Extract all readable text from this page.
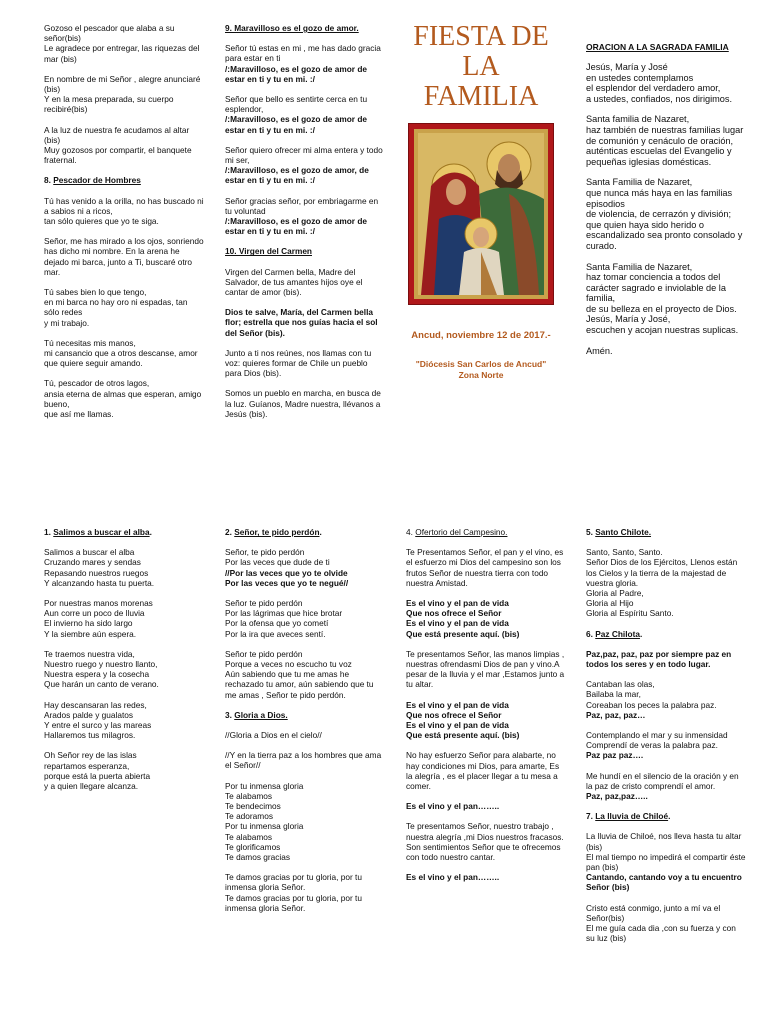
Gozoso el pescador que alaba a su señor(bis)
Le agradece por entregar, las riquezas del mar (bis)
En nombre de mi Señor , alegre anunciaré (bis)
Y en la mesa preparada, su cuerpo recibiré(bis)
A la luz de nuestra fe acudamos al altar (bis)
Muy gozosos por compartir, el banquete fraternal.
8. Pescador de Hombres
Tú has venido a la orilla, no has buscado ni a sabios ni a ricos,
tan sólo quieres que yo te siga.
Señor, me has mirado a los ojos, sonriendo has dicho mi nombre. En la arena he dejado mi barca, junto a Ti, buscaré otro mar.
Tú sabes bien lo que tengo,
en mi barca no hay oro ni espadas, tan sólo redes
y mi trabajo.
Tú necesitas mis manos,
mi cansancio que a otros descanse, amor que quiere seguir amando.
Tú, pescador de otros lagos,
ansia eterna de almas que esperan, amigo bueno,
que así me llamas.
9. Maravilloso es el gozo de amor.
Señor tú estas en mi , me has dado gracia para estar en ti
/:Maravilloso, es el gozo de amor de estar en ti y tu en mi. :/
Señor que bello es sentirte cerca en tu esplendor,
/:Maravilloso, es el gozo de amor de estar en ti y tu en mi. :/
Señor quiero ofrecer mi alma entera y todo mi ser,
/:Maravilloso, es el gozo de amor, de estar en ti y tu en mi. :/
Señor gracias señor, por embriagarme en tu voluntad
/:Maravilloso, es el gozo de amor de estar en ti y tu en mi. :/
10. Virgen del Carmen
Virgen del Carmen bella, Madre del Salvador, de tus amantes hijos oye el cantar de amor (bis).
Dios te salve, María, del Carmen bella flor; estrella que nos guías hacia el sol del Señor (bis).
Junto a ti nos reúnes, nos llamas con tu voz: quieres formar de Chile un pueblo para Dios (bis).
Somos un pueblo en marcha, en busca de la luz. Guíanos, Madre nuestra, llévanos a Jesús (bis).
FIESTA DE
LA
FAMILIA
Ancud, noviembre 12 de 2017.-
"Diócesis San Carlos de Ancud"
Zona Norte
ORACION A LA SAGRADA FAMILIA
Jesús, María y José
en ustedes contemplamos
el esplendor del verdadero amor,
a ustedes, confiados, nos dirigimos.
Santa familia de Nazaret,
haz también de nuestras familias lugar de comunión y cenáculo de oración,
auténticas escuelas del Evangelio y pequeñas iglesias domésticas.
Santa Familia de Nazaret,
que nunca más haya en las familias episodios
de violencia, de cerrazón y división;
que quien haya sido herido o escandalizado sea pronto consolado y curado.
Santa Familia de Nazaret,
haz tomar conciencia a todos del carácter sagrado e inviolable de la familia,
de su belleza en el proyecto de Dios.
Jesús, María y José,
escuchen y acojan nuestras suplicas.
Amén.
1. Salimos a buscar el alba.
Salimos a buscar el alba
Cruzando mares y sendas
Repasando nuestros ruegos
Y alcanzando hasta tu puerta.
Por nuestras manos morenas
Aun corre un poco de lluvia
El invierno ha sido largo
Y la siembre aún espera.
Te traemos nuestra vida,
Nuestro ruego y nuestro llanto,
Nuestra espera y la cosecha
Que harán un canto de verano.
Hay descansaran las redes,
Arados palde y gualatos
Y entre el surco y las mareas
Hallaremos tus milagros.
Oh Señor rey de las islas
repartamos esperanza,
porque está la puerta abierta
y a quien llegare alcanza.
2. Señor, te pido perdón.
Señor, te pido perdón
Por las veces que dude de ti
//Por las veces que yo te olvide
Por las veces que yo te negué//
Señor te pido perdón
Por las lágrimas que hice brotar
Por la ofensa que yo cometí
Por la ira que aveces sentí.
Señor te pido perdón
Porque a veces no escucho tu voz
Aún sabiendo que tu me amas he rechazado tu amor, aún sabiendo que tu me amas , Señor te pido perdón.
3. Gloria a Dios.
//Gloria a Dios en el cielo//
//Y en la tierra paz a los hombres que ama el Señor//
Por tu inmensa gloria
Te alabamos
Te bendecimos
Te adoramos
Por tu inmensa gloria
Te alabamos
Te glorificamos
Te damos gracias
Te damos gracias por tu gloria, por tu inmensa gloria Señor.
Te damos gracias por tu gloria, por tu inmensa gloria Señor.
4. Ofertorio del Campesino.
Te Presentamos Señor, el pan y el vino, es el esfuerzo mi Dios del campesino son los frutos Señor de nuestra tierra con todo nuestra Amistad.
Es el vino y el pan de vida
Que nos ofrece el Señor
Es el vino y el pan de vida
Que está presente aquí. (bis)
Te presentamos Señor, las manos limpias , nuestras ofrendasmi Dios de pan y vino.A pesar de la lluvia y el mar ,Estamos junto a tu altar.
Es el vino y el pan de vida
Que nos ofrece el Señor
Es el vino y el pan de vida
Que está presente aquí. (bis)
No hay esfuerzo Señor para alabarte, no hay condiciones mi Dios, para amarte, Es la alegría , es el placer llegar a tu mesa a comer.
Es el vino y el pan……..
Te presentamos Señor, nuestro trabajo , nuestra alegría ,mi Dios nuestros fracasos.
Son sentimientos Señor que te ofrecemos con todo nuestro cantar.
Es el vino y el pan……..
5. Santo Chilote.
Santo, Santo, Santo.
Señor Dios de los Ejércitos, Llenos están los Cielos y la tierra de la majestad de vuestra gloria.
Gloria al Padre,
Gloria al Hijo
Gloria al Espíritu Santo.
6. Paz Chilota.
Paz,paz, paz, paz por siempre paz en todos los seres y en todo lugar.
Cantaban las olas,
Bailaba la mar,
Coreaban los peces la palabra paz.
Paz, paz, paz…
Contemplando el mar y su inmensidad
Comprendí de veras la palabra paz.
Paz paz paz….
Me hundí en el silencio de la oración y en la paz de cristo comprendí el amor.
Paz, paz,paz…..
7. La lluvia de Chiloé.
La lluvia de Chiloé, nos lleva hasta tu altar (bis)
El mal tiempo no impedirá el compartir éste pan (bis)
Cantando, cantando voy a tu encuentro Señor (bis)
Cristo está conmigo, junto a mí va el Señor(bis)
El me guía cada dia ,con su fuerza y con su luz (bis)
